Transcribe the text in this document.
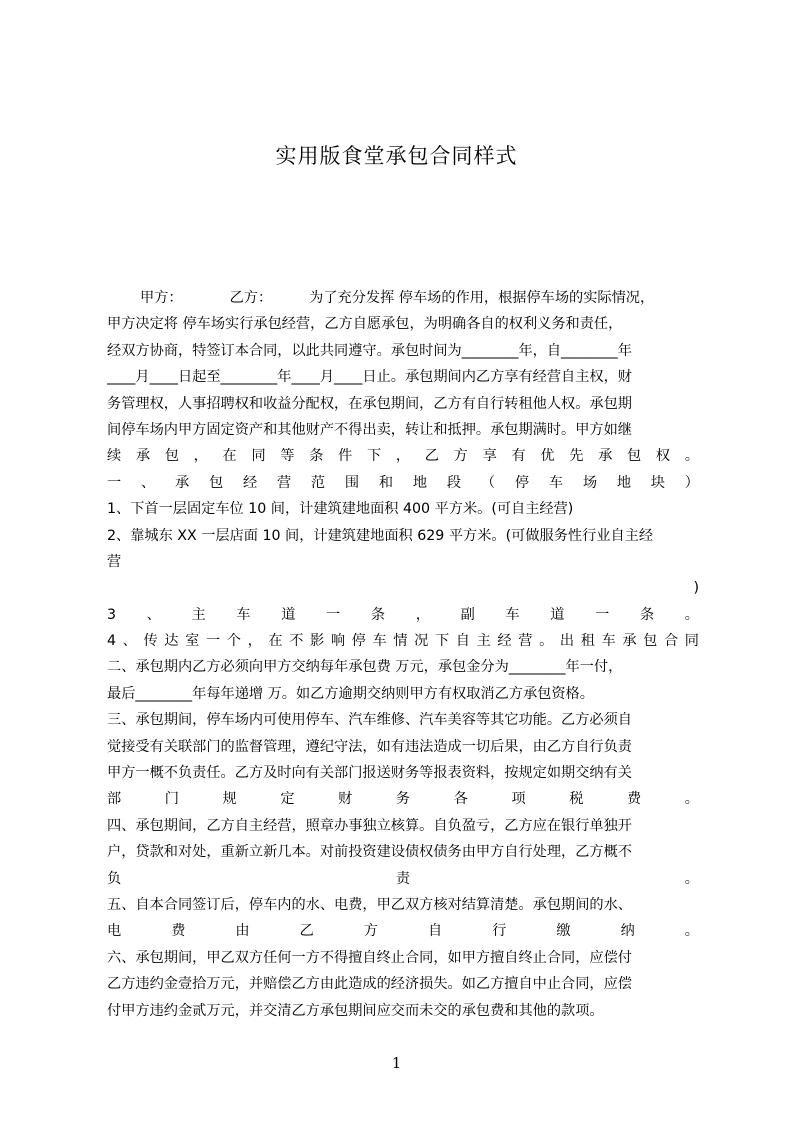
实用版食堂承包合同样式
甲方：	乙方：	为了充分发挥 停车场的作用，根据停车场的实际情况，
甲方决定将 停车场实行承包经营，乙方自愿承包，为明确各自的权利义务和责任，
经双方协商，特签订本合同，以此共同遵守。承包时间为________年，自________年
____月____日起至________年____月____日止。承包期间内乙方享有经营自主权，财
务管理权，人事招聘权和收益分配权，在承包期间，乙方有自行转租他人权。承包期
间停车场内甲方固定资产和其他财产不得出卖，转让和抵押。承包期满时。甲方如继
续承包，在同等条件下，乙方享有优先承包权。
一、承包经营范围和地段（停车场地块）
1、下首一层固定车位 10 间，计建筑建地面积 400 平方米。(可自主经营)
2、靠城东 XX 一层店面 10 间，计建筑建地面积 629 平方米。(可做服务性行业自主经
营
)
3、主车道一条，副车道一条。
4、传达室一个，在不影响停车情况下自主经营。出租车承包合同
二、承包期内乙方必须向甲方交纳每年承包费 万元，承包金分为________年一付，
最后________年每年递增 万。如乙方逾期交纳则甲方有权取消乙方承包资格。
三、承包期间，停车场内可使用停车、汽车维修、汽车美容等其它功能。乙方必须自
觉接受有关联部门的监督管理，遵纪守法，如有违法造成一切后果，由乙方自行负责
甲方一概不负责任。乙方及时向有关部门报送财务等报表资料，按规定如期交纳有关
部门规定财务各项税费。
四、承包期间，乙方自主经营，照章办事独立核算。自负盈亏，乙方应在银行单独开
户，贷款和对处，重新立新几本。对前投资建设债权债务由甲方自行处理，乙方概不
负责。
五、自本合同签订后，停车内的水、电费，甲乙双方核对结算清楚。承包期间的水、
电费由乙方自行缴纳。
六、承包期间，甲乙双方任何一方不得擅自终止合同，如甲方擅自终止合同，应偿付
乙方违约金壹拾万元，并赔偿乙方由此造成的经济损失。如乙方擅自中止合同，应偿
付甲方违约金贰万元，并交清乙方承包期间应交而未交的承包费和其他的款项。
1
